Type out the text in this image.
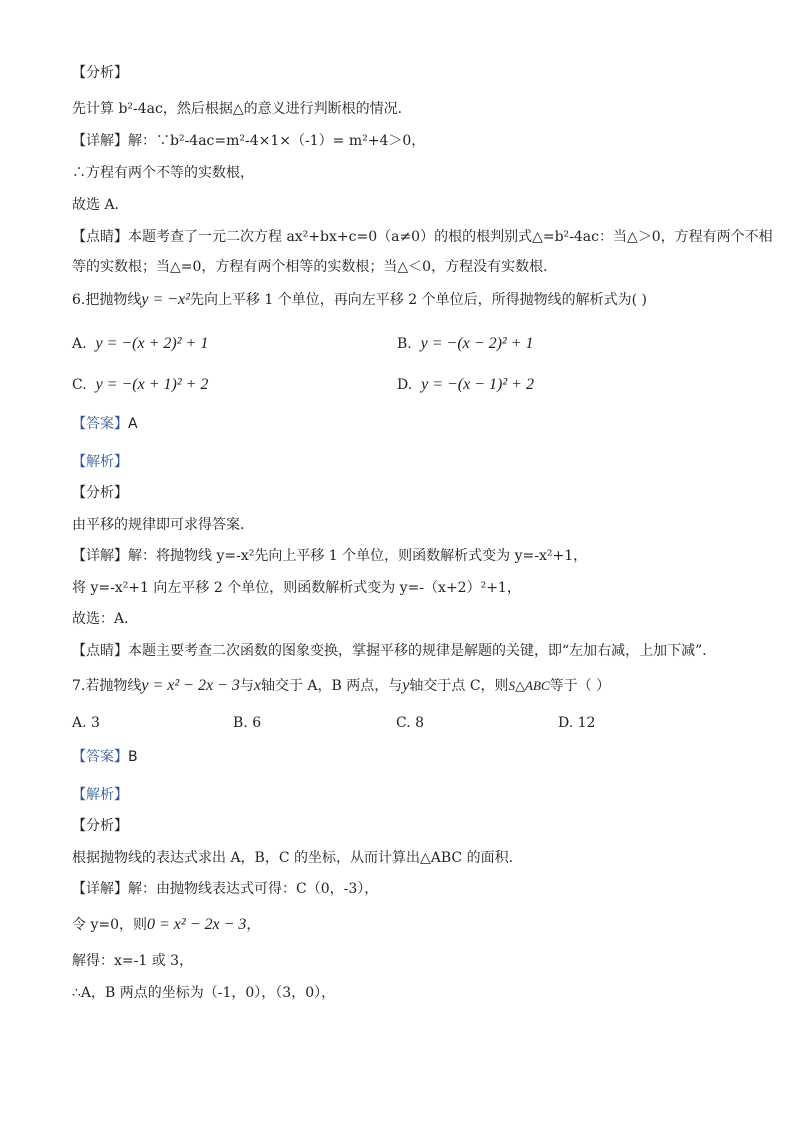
【分析】
先计算 b²-4ac，然后根据△的意义进行判断根的情况．
【详解】解：∵b²-4ac=m²-4×1×（-1）= m²+4＞0，
∴方程有两个不等的实数根，
故选 A．
【点睛】本题考查了一元二次方程 ax²+bx+c=0（a≠0）的根的根判别式△=b²-4ac：当△＞0，方程有两个不相
等的实数根；当△=0，方程有两个相等的实数根；当△＜0，方程没有实数根．
6.把抛物线y = −x²先向上平移 1 个单位，再向左平移 2 个单位后，所得抛物线的解析式为( )
A. y = −(x + 2)² + 1	B. y = −(x − 2)² + 1
C. y = −(x + 1)² + 2	D. y = −(x − 1)² + 2
【答案】A
【解析】
【分析】
由平移的规律即可求得答案．
【详解】解：将抛物线 y=-x²先向上平移 1 个单位，则函数解析式变为 y=-x²+1，
将 y=-x²+1 向左平移 2 个单位，则函数解析式变为 y=-（x+2）²+1，
故选：A．
【点睛】本题主要考查二次函数的图象变换，掌握平移的规律是解题的关键，即“左加右减，上加下减”．
7.若抛物线y = x² − 2x − 3与x轴交于 A，B 两点，与y轴交于点 C，则S△ABC等于（ ）
A. 3	B. 6	C. 8	D. 12
【答案】B
【解析】
【分析】
根据抛物线的表达式求出 A，B，C 的坐标，从而计算出△ABC 的面积.
【详解】解：由抛物线表达式可得：C（0，-3），
令 y=0，则0 = x² − 2x − 3，
解得：x=-1 或 3，
∴A，B 两点的坐标为（-1，0），（3，0），
